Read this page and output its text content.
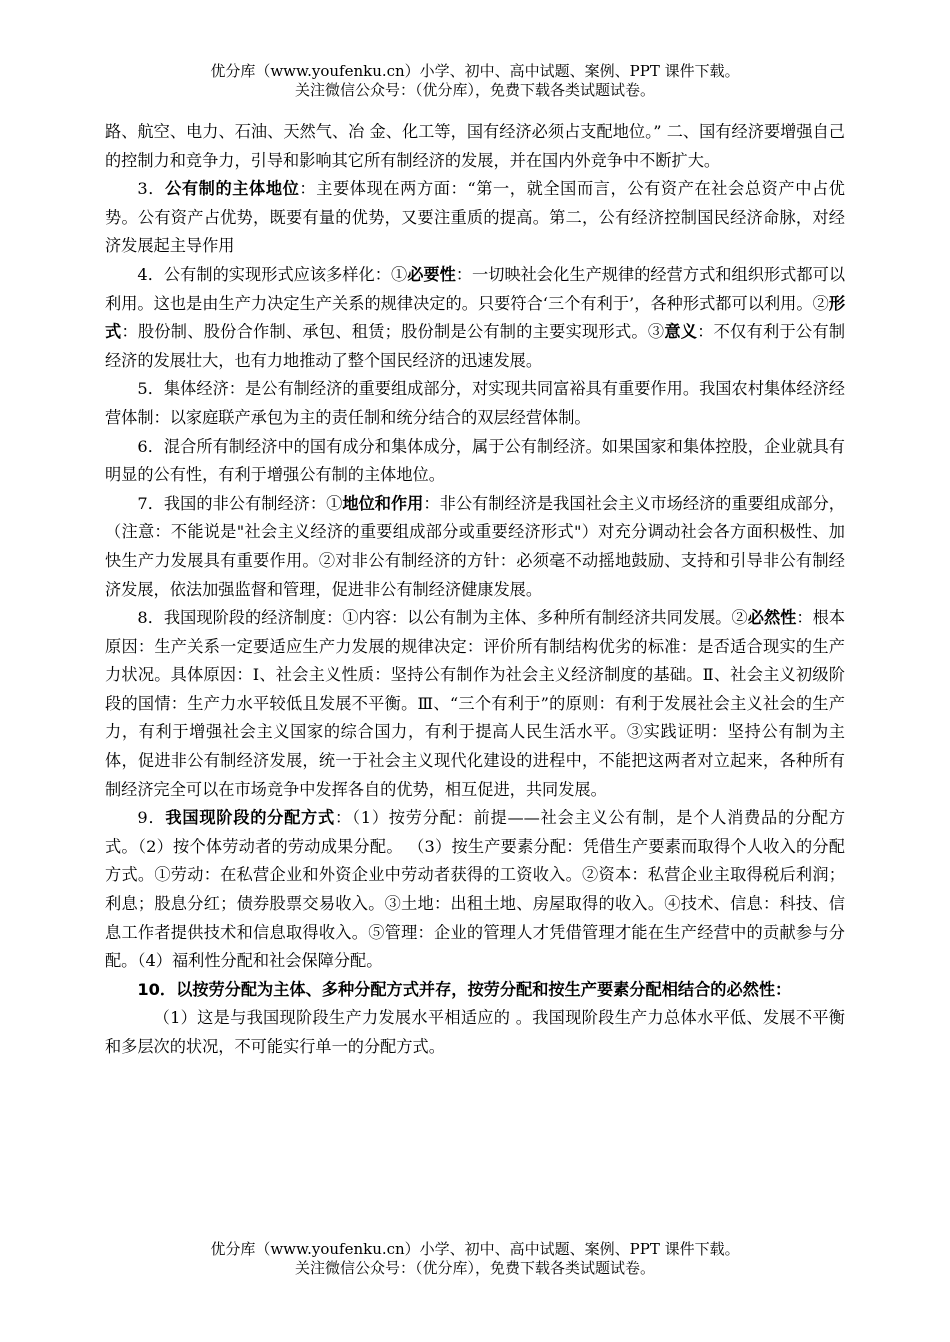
优分库（www.youfenku.cn）小学、初中、高中试题、案例、PPT 课件下载。

关注微信公众号：（优分库），免费下载各类试题试卷。

路、航空、电力、石油、天然气、冶 金、化工等，国有经济必须占支配地位。” 二、国有经济要增强自己的控制力和竞争力，引导和影响其它所有制经济的发展，并在国内外竞争中不断扩大。

3．公有制的主体地位：主要体现在两方面：“第一，就全国而言，公有资产在社会总资产中占优势。公有资产占优势，既要有量的优势，又要注重质的提高。第二，公有经济控制国民经济命脉，对经济发展起主导作用

4．公有制的实现形式应该多样化：①必要性：一切映社会化生产规律的经营方式和组织形式都可以利用。这也是由生产力决定生产关系的规律决定的。只要符合‘三个有利于’，各种形式都可以利用。②形式：股份制、股份合作制、承包、租赁；股份制是公有制的主要实现形式。③意义：不仅有利于公有制经济的发展壮大，也有力地推动了整个国民经济的迅速发展。

5．集体经济：是公有制经济的重要组成部分，对实现共同富裕具有重要作用。我国农村集体经济经营体制：以家庭联产承包为主的责任制和统分结合的双层经营体制。

6．混合所有制经济中的国有成分和集体成分，属于公有制经济。如果国家和集体控股，企业就具有明显的公有性，有利于增强公有制的主体地位。

7．我国的非公有制经济：①地位和作用：非公有制经济是我国社会主义市场经济的重要组成部分，（注意：不能说是"社会主义经济的重要组成部分或重要经济形式"）对充分调动社会各方面积极性、加快生产力发展具有重要作用。②对非公有制经济的方针：必须毫不动摇地鼓励、支持和引导非公有制经济发展，依法加强监督和管理，促进非公有制经济健康发展。

8．我国现阶段的经济制度：①内容：以公有制为主体、多种所有制经济共同发展。②必然性：根本原因：生产关系一定要适应生产力发展的规律决定：评价所有制结构优劣的标准：是否适合现实的生产力状况。具体原因：Ⅰ、社会主义性质：坚持公有制作为社会主义经济制度的基础。Ⅱ、社会主义初级阶段的国情：生产力水平较低且发展不平衡。Ⅲ、“三个有利于”的原则：有利于发展社会主义社会的生产力，有利于增强社会主义国家的综合国力，有利于提高人民生活水平。③实践证明：坚持公有制为主体，促进非公有制经济发展，统一于社会主义现代化建设的进程中，不能把这两者对立起来，各种所有制经济完全可以在市场竞争中发挥各自的优势，相互促进，共同发展。

9．我国现阶段的分配方式：（1）按劳分配：前提——社会主义公有制，是个人消费品的分配方式。（2）按个体劳动者的劳动成果分配。 （3）按生产要素分配：凭借生产要素而取得个人收入的分配方式。①劳动：在私营企业和外资企业中劳动者获得的工资收入。②资本：私营企业主取得税后利润；利息；股息分红；债券股票交易收入。③土地：出租土地、房屋取得的收入。④技术、信息：科技、信息工作者提供技术和信息取得收入。⑤管理：企业的管理人才凭借管理才能在生产经营中的贡献参与分配。（4）福利性分配和社会保障分配。

10．以按劳分配为主体、多种分配方式并存，按劳分配和按生产要素分配相结合的必然性：

（1）这是与我国现阶段生产力发展水平相适应的 。我国现阶段生产力总体水平低、发展不平衡和多层次的状况，不可能实行单一的分配方式。

优分库（www.youfenku.cn）小学、初中、高中试题、案例、PPT 课件下载。

关注微信公众号：（优分库），免费下载各类试题试卷。
